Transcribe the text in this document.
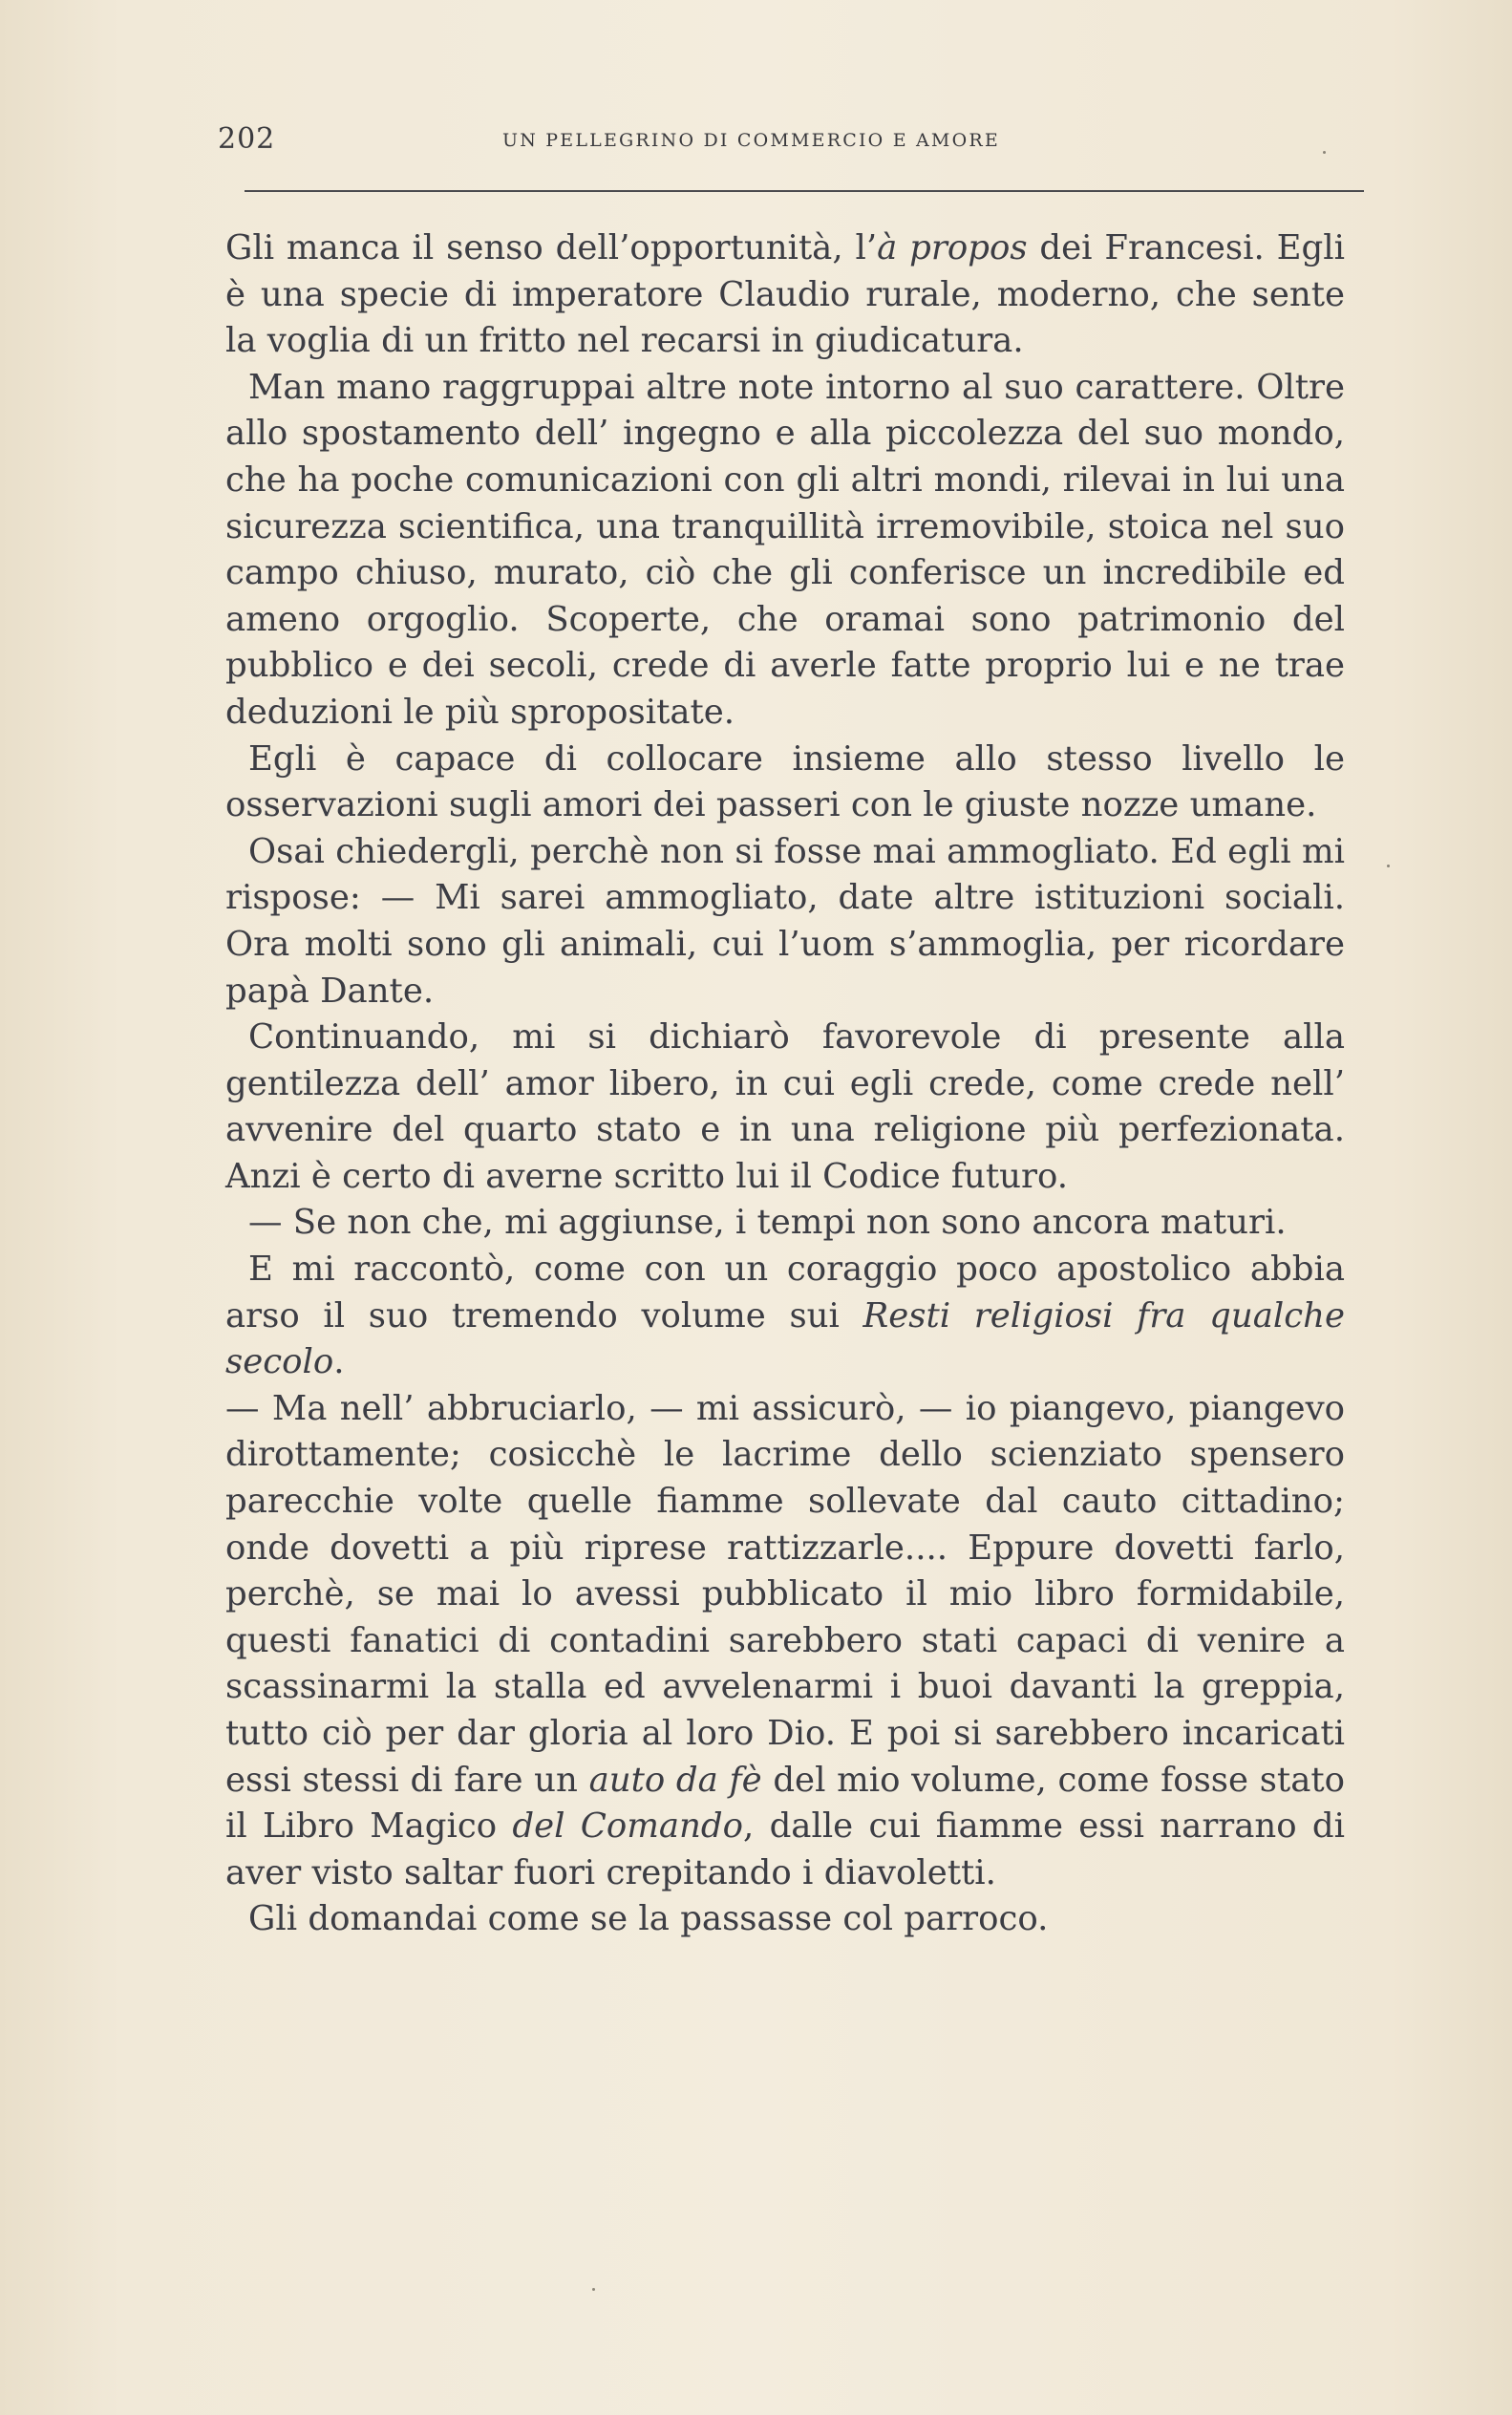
202	UN PELLEGRINO DI COMMERCIO E AMORE

Gli manca il senso dell’opportunità, l’à propos dei Francesi. Egli è una specie di imperatore Claudio rurale, moderno, che sente la voglia di un fritto nel recarsi in giudicatura.

Man mano raggruppai altre note intorno al suo carattere. Oltre allo spostamento dell’ ingegno e alla piccolezza del suo mondo, che ha poche comunicazioni con gli altri mondi, rilevai in lui una sicurezza scientifica, una tranquillità irremovibile, stoica nel suo campo chiuso, murato, ciò che gli conferisce un incredibile ed ameno orgoglio. Scoperte, che oramai sono patrimonio del pubblico e dei secoli, crede di averle fatte proprio lui e ne trae deduzioni le più spropositate.

Egli è capace di collocare insieme allo stesso livello le osservazioni sugli amori dei passeri con le giuste nozze umane.

Osai chiedergli, perchè non si fosse mai ammogliato. Ed egli mi rispose: — Mi sarei ammogliato, date altre istituzioni sociali. Ora molti sono gli animali, cui l’uom s’ammoglia, per ricordare papà Dante.

Continuando, mi si dichiarò favorevole di presente alla gentilezza dell’ amor libero, in cui egli crede, come crede nell’ avvenire del quarto stato e in una religione più perfezionata. Anzi è certo di averne scritto lui il Codice futuro.

— Se non che, mi aggiunse, i tempi non sono ancora maturi.

E mi raccontò, come con un coraggio poco apostolico abbia arso il suo tremendo volume sui Resti religiosi fra qualche secolo.

— Ma nell’ abbruciarlo, — mi assicurò, — io piangevo, piangevo dirottamente; cosicchè le lacrime dello scienziato spensero parecchie volte quelle fiamme sollevate dal cauto cittadino; onde dovetti a più riprese rattizzarle.... Eppure dovetti farlo, perchè, se mai lo avessi pubblicato il mio libro formidabile, questi fanatici di contadini sarebbero stati capaci di venire a scassinarmi la stalla ed avvelenarmi i buoi davanti la greppia, tutto ciò per dar gloria al loro Dio. E poi si sarebbero incaricati essi stessi di fare un auto da fè del mio volume, come fosse stato il Libro Magico del Comando, dalle cui fiamme essi narrano di aver visto saltar fuori crepitando i diavoletti.

Gli domandai come se la passasse col parroco.
